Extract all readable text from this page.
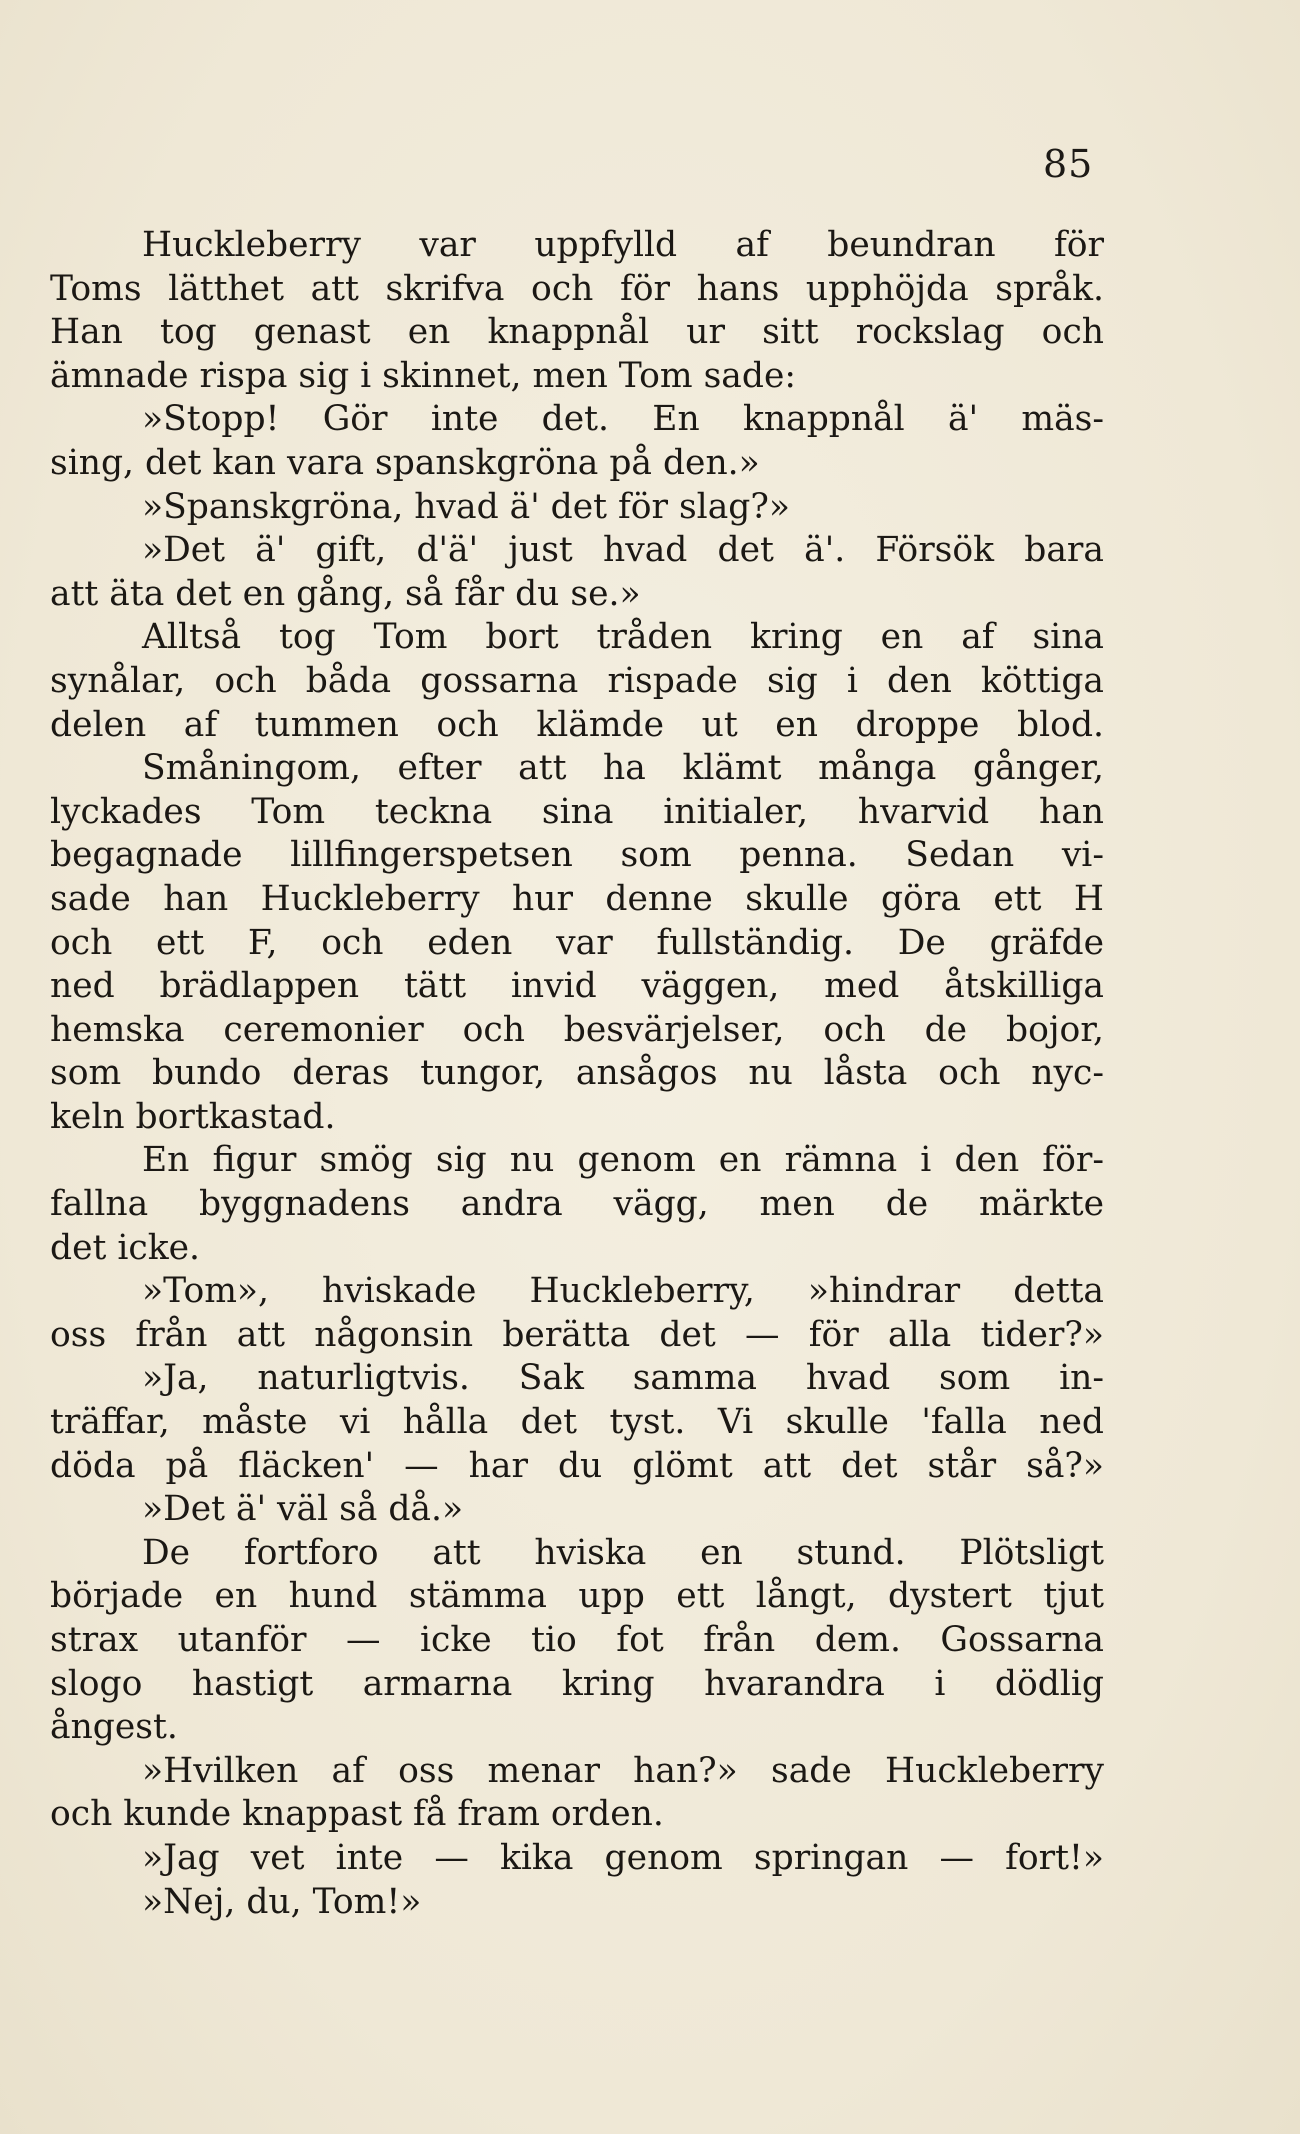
85
Huckleberry var uppfylld af beundran för
Toms lätthet att skrifva och för hans upphöjda språk.
Han tog genast en knappnål ur sitt rockslag och
ämnade rispa sig i skinnet, men Tom sade:
»Stopp! Gör inte det. En knappnål ä' mäs-
sing, det kan vara spanskgröna på den.»
»Spanskgröna, hvad ä' det för slag?»
»Det ä' gift, d'ä' just hvad det ä'. Försök bara
att äta det en gång, så får du se.»
Alltså tog Tom bort tråden kring en af sina
synålar, och båda gossarna rispade sig i den köttiga
delen af tummen och klämde ut en droppe blod.
Småningom, efter att ha klämt många gånger,
lyckades Tom teckna sina initialer, hvarvid han
begagnade lillfingerspetsen som penna. Sedan vi-
sade han Huckleberry hur denne skulle göra ett H
och ett F, och eden var fullständig. De gräfde
ned brädlappen tätt invid väggen, med åtskilliga
hemska ceremonier och besvärjelser, och de bojor,
som bundo deras tungor, ansågos nu låsta och nyc-
keln bortkastad.
En figur smög sig nu genom en rämna i den för-
fallna byggnadens andra vägg, men de märkte
det icke.
»Tom», hviskade Huckleberry, »hindrar detta
oss från att någonsin berätta det — för alla tider?»
»Ja, naturligtvis. Sak samma hvad som in-
träffar, måste vi hålla det tyst. Vi skulle 'falla ned
döda på fläcken' — har du glömt att det står så?»
»Det ä' väl så då.»
De fortforo att hviska en stund. Plötsligt
började en hund stämma upp ett långt, dystert tjut
strax utanför — icke tio fot från dem. Gossarna
slogo hastigt armarna kring hvarandra i dödlig
ångest.
»Hvilken af oss menar han?» sade Huckleberry
och kunde knappast få fram orden.
»Jag vet inte — kika genom springan — fort!»
»Nej, du, Tom!»
